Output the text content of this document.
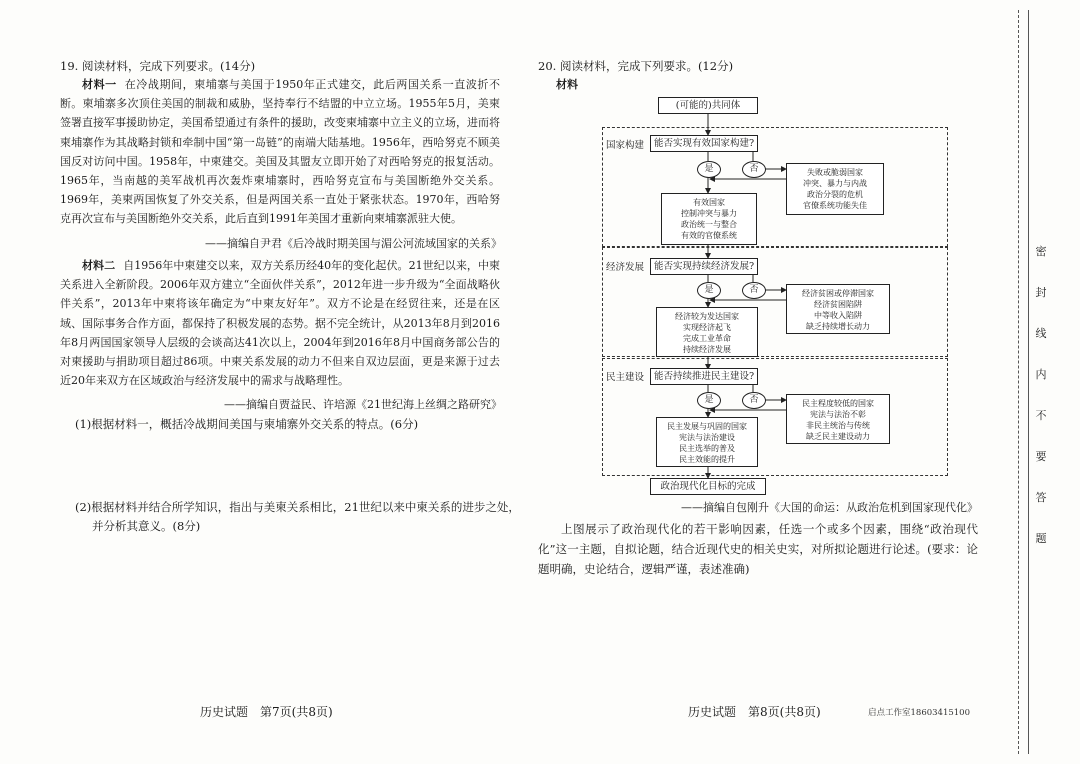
19. 阅读材料，完成下列要求。(14分)

材料一 在冷战期间，柬埔寨与美国于1950年正式建交，此后两国关系一直波折不断。柬埔寨多次顶住美国的制裁和威胁，坚持奉行不结盟的中立立场。1955年5月，美柬签署直接军事援助协定，美国希望通过有条件的援助，改变柬埔寨中立主义的立场，进而将柬埔寨作为其战略封锁和牵制中国“第一岛链”的南端大陆基地。1956年，西哈努克不顾美国反对访问中国。1958年，中柬建交。美国及其盟友立即开始了对西哈努克的报复活动。1965年，当南越的美军战机再次轰炸柬埔寨时，西哈努克宣布与美国断绝外交关系。1969年，美柬两国恢复了外交关系，但是两国关系一直处于紧张状态。1970年，西哈努克再次宣布与美国断绝外交关系，此后直到1991年美国才重新向柬埔寨派驻大使。

——摘编自尹君《后冷战时期美国与湄公河流域国家的关系》

材料二 自1956年中柬建交以来，双方关系历经40年的变化起伏。21世纪以来，中柬关系进入全新阶段。2006年双方建立“全面伙伴关系”，2012年进一步升级为“全面战略伙伴关系”，2013年中柬将该年确定为“中柬友好年”。双方不论是在经贸往来，还是在区域、国际事务合作方面，都保持了积极发展的态势。据不完全统计，从2013年8月到2016年8月两国国家领导人层级的会谈高达41次以上，2004年到2016年8月中国商务部公告的对柬援助与捐助项目超过86项。中柬关系发展的动力不但来自双边层面，更是来源于过去近20年来双方在区域政治与经济发展中的需求与战略理性。

——摘编自贾益民、许培源《21世纪海上丝绸之路研究》
(1)根据材料一，概括冷战期间美国与柬埔寨外交关系的特点。(6分)
(2)根据材料并结合所学知识，指出与美柬关系相比，21世纪以来中柬关系的进步之处，
并分析其意义。(8分)
历史试题　第7页(共8页)
20. 阅读材料，完成下列要求。(12分)
材料
(可能的)共同体
国家构建	能否实现有效国家构建?
是	否
有效国家
控制冲突与暴力
政治统一与整合
有效的官僚系统
失败或脆弱国家
冲突、暴力与内战
政治分裂的危机
官僚系统功能失佳
经济发展	能否实现持续经济发展?
是	否
经济较为发达国家
实现经济起飞
完成工业革命
持续经济发展
经济贫困或停滞国家
经济贫困陷阱
中等收入陷阱
缺乏持续增长动力
民主建设	能否持续推进民主建设?
是	否
民主发展与巩固的国家
宪法与法治建设
民主选举的普及
民主效能的提升
民主程度较低的国家
宪法与法治不彰
非民主统治与传统
缺乏民主建设动力
政治现代化目标的完成
——摘编自包刚升《大国的命运：从政治危机到国家现代化》
上图展示了政治现代化的若干影响因素，任选一个或多个因素，围绕“政治现代化”这一主题，自拟论题，结合近现代史的相关史实，对所拟论题进行论述。(要求：论题明确，史论结合，逻辑严谨，表述准确)
历史试题　第8页(共8页)	启点工作室18603415100
密
封
线
内
不
要
答
题
